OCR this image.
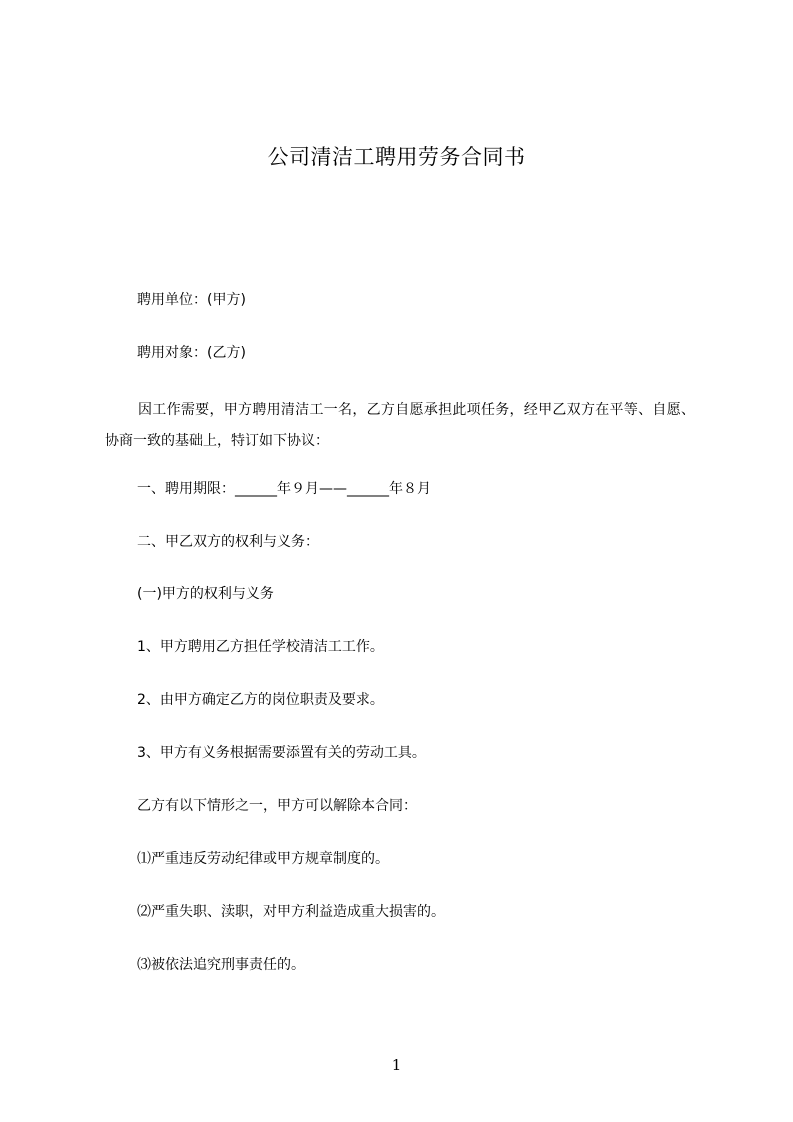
公司清洁工聘用劳务合同书
聘用单位：(甲方)
聘用对象：(乙方)
因工作需要，甲方聘用清洁工一名，乙方自愿承担此项任务，经甲乙双方在平等、自愿、协商一致的基础上，特订如下协议：
一、聘用期限：______年９月——______年８月
二、甲乙双方的权利与义务：
(一)甲方的权利与义务
1、甲方聘用乙方担任学校清洁工工作。
2、由甲方确定乙方的岗位职责及要求。
3、甲方有义务根据需要添置有关的劳动工具。
乙方有以下情形之一，甲方可以解除本合同：
⑴严重违反劳动纪律或甲方规章制度的。
⑵严重失职、渎职，对甲方利益造成重大损害的。
⑶被依法追究刑事责任的。
1
